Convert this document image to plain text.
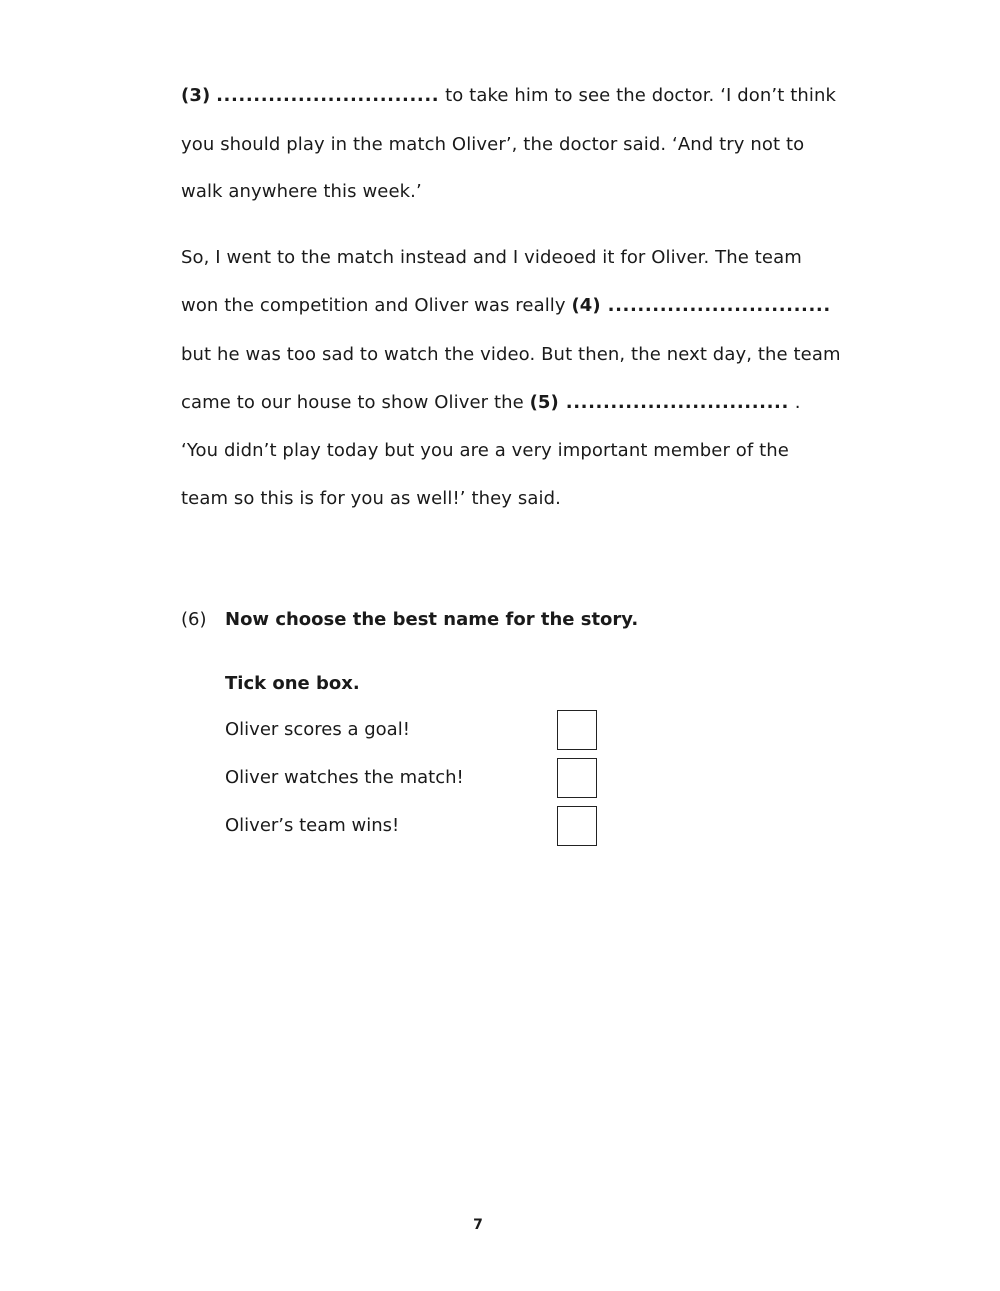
(3) .............................. to take him to see the doctor. ‘I don’t think
you should play in the match Oliver’, the doctor said. ‘And try not to
walk anywhere this week.’
So, I went to the match instead and I videoed it for Oliver. The team
won the competition and Oliver was really (4) ..............................
but he was too sad to watch the video. But then, the next day, the team
came to our house to show Oliver the (5) .............................. .
‘You didn’t play today but you are a very important member of the
team so this is for you as well!’ they said.
(6) Now choose the best name for the story.
Tick one box.
Oliver scores a goal!
Oliver watches the match!
Oliver’s team wins!
7
